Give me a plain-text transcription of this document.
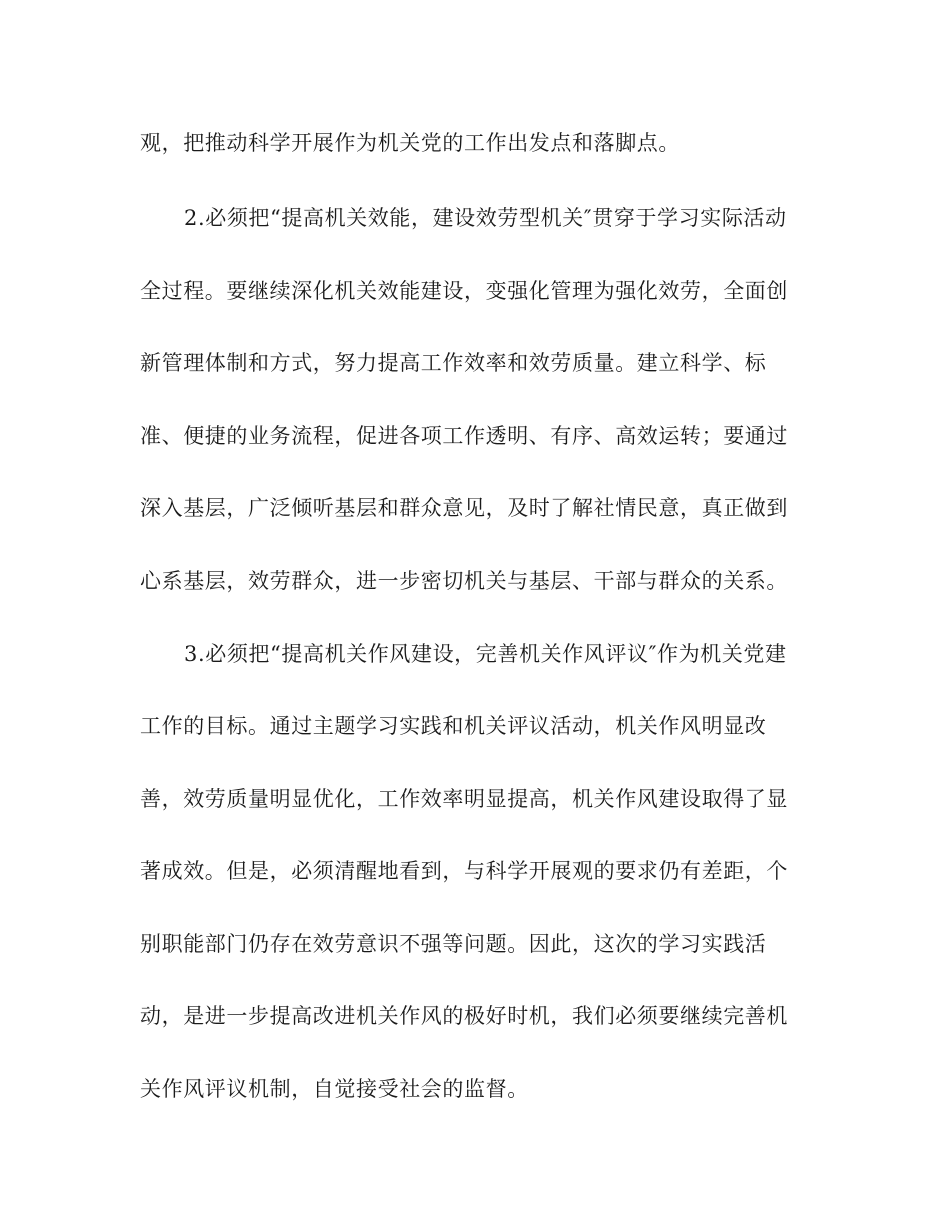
观，把推动科学开展作为机关党的工作出发点和落脚点。
2.必须把“提高机关效能，建设效劳型机关″贯穿于学习实际活动
全过程。要继续深化机关效能建设，变强化管理为强化效劳，全面创
新管理体制和方式，努力提高工作效率和效劳质量。建立科学、标
准、便捷的业务流程，促进各项工作透明、有序、高效运转；要通过
深入基层，广泛倾听基层和群众意见，及时了解社情民意，真正做到
心系基层，效劳群众，进一步密切机关与基层、干部与群众的关系。
3.必须把“提高机关作风建设，完善机关作风评议″作为机关党建
工作的目标。通过主题学习实践和机关评议活动，机关作风明显改
善，效劳质量明显优化，工作效率明显提高，机关作风建设取得了显
著成效。但是，必须清醒地看到，与科学开展观的要求仍有差距，个
别职能部门仍存在效劳意识不强等问题。因此，这次的学习实践活
动，是进一步提高改进机关作风的极好时机，我们必须要继续完善机
关作风评议机制，自觉接受社会的监督。
